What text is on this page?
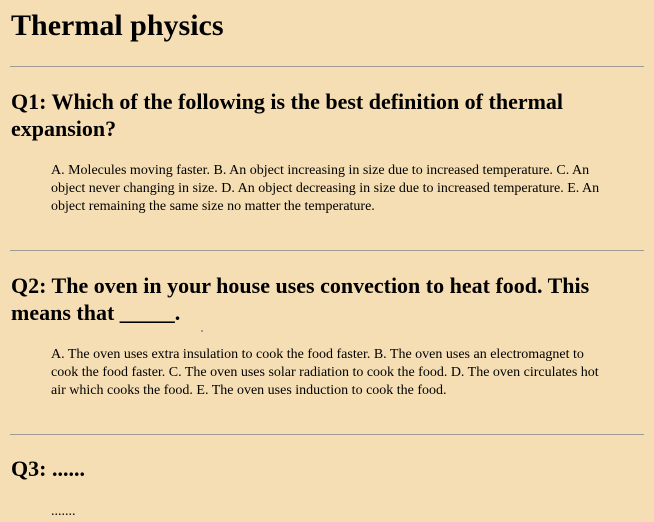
Thermal physics
Q1: Which of the following is the best definition of thermal expansion?

A. Molecules moving faster. B. An object increasing in size due to increased temperature. C. An object never changing in size. D. An object decreasing in size due to increased temperature. E. An object remaining the same size no matter the temperature.

Q2: The oven in your house uses convection to heat food. This means that _____.

A. The oven uses extra insulation to cook the food faster. B. The oven uses an electromagnet to cook the food faster. C. The oven uses solar radiation to cook the food. D. The oven circulates hot air which cooks the food. E. The oven uses induction to cook the food.

Q3: ......

.......
